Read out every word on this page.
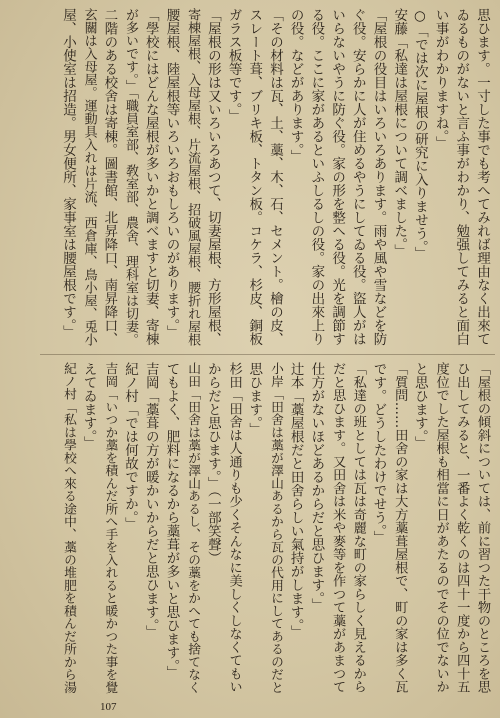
思ひます。一寸した事でも考へてみれば理由なく出來て
ゐるものがないと言ふ事がわかり、勉强してみると面白
い事がわかりますね。」
○「では次に屋根の研究に入りませう。」
安藤「私達は屋根について調べました。」
「屋根の役目はいろいろあります。雨や風や雪などを防
ぐ役。安らかに人が住めるやうにしてゐる役。盜人がは
いらないやうに防ぐ役。家の形を整へる役。光を調節す
る役。ここに家があるといふしるしの役。家の出來上り
の役。などがあります。」
「その材料は瓦、土、藁、木、石、セメント。檜の皮、
スレート葺、ブリキ板、トタン板。コケラ、杉皮、銅板
ガラス板等です。」
「屋根の形は又いろいろあつて、切妻屋根、方形屋根、
寄棟屋根、入母屋根、片流屋根、招破風屋根、腰折れ屋根
腰屋根、陸屋根等いろいろおもしろいのがあります。」
「學校にはどんな屋根が多いかと調べますと切妻、寄棟
が多いです。」「職員室部、敎室部、農舍、理科室は切妻。
二階のある校舍は寄棟。圖書館、北昇降口、南昇降口、
玄關は入母屋。運動具入れは片流、西倉庫、鳥小屋、兎小
屋、小使室は招造。男女便所、家事室は腰屋根です。」
「屋根の傾斜については、前に習つた干物のところを思
ひ出してみると、一番よく乾くのは四十一度から四十五
度位でした屋根も相當に日があたるのでその位でないか
と思ひます。」
「質問……田舍の家は大方藁葺屋根で、町の家は多く瓦
です。どうしたわけでせう。」
「私達の班としては瓦は奇麗な町の家らしく見えるから
だと思ひます。又田舍は米や麥等を作つて藁があまつて
仕方がないほどあるからだと思ひます。」
辻本「藁屋根だと田舍らしい氣持がします。」
小岸「田舍は藁が澤山あるから瓦の代用にしてあるのだと
思ひます。」
杉田「田舍は人通りも少くそんなに美しくしなくてもい
からだと思ひます。」（一部笑聲）
山田「田舍は藁が澤山あるし、その藁をかへても捨てなく
てもよく、肥料になるから藁葺が多いと思ひます。」
吉岡「藁葺の方が暖かいからだと思ひます。」
紀ノ村「では何故ですか。」
吉岡「いつか藁を積んだ所へ手を入れると暖かつた事を覺
えてゐます。」
紀ノ村「私は學校へ來る途中、藁の堆肥を積んだ所から湯
107
